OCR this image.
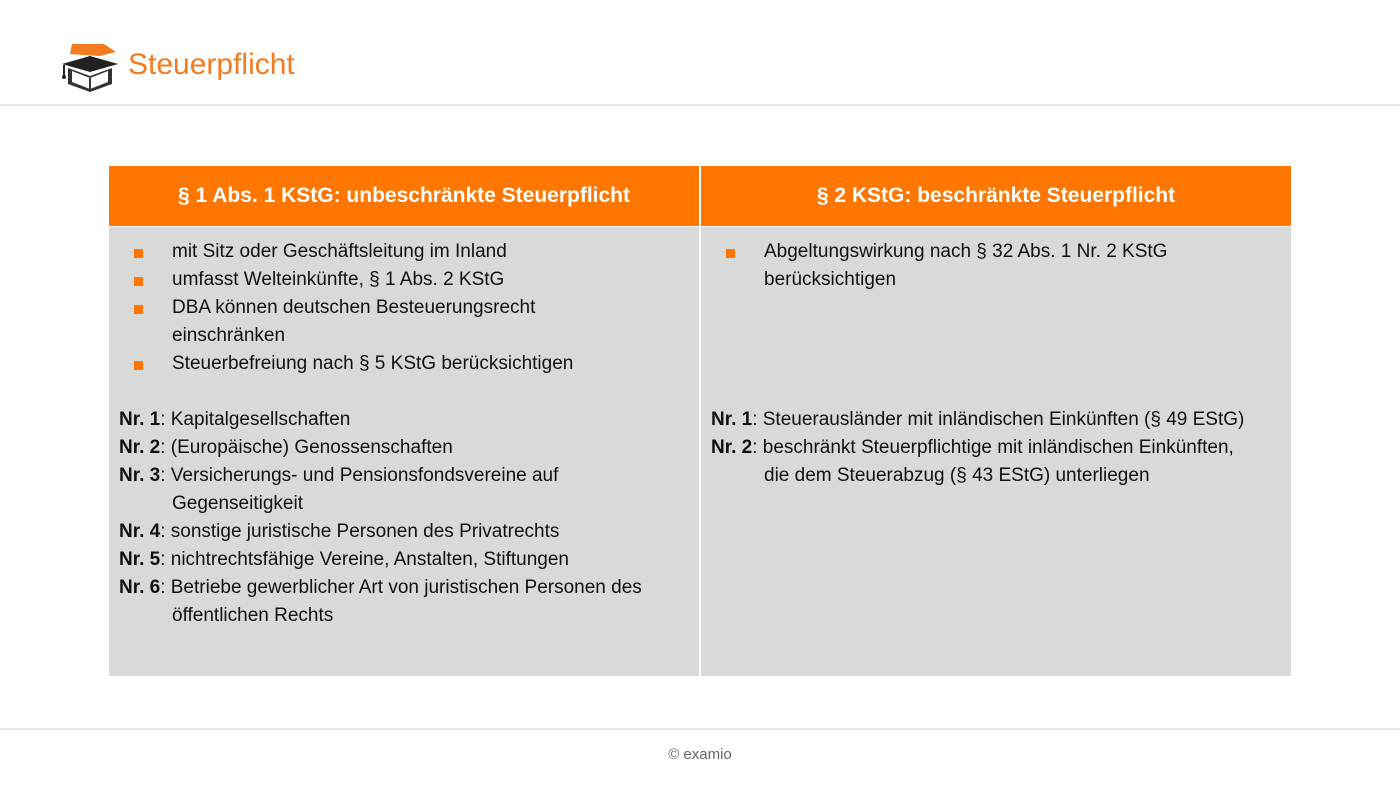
Steuerpflicht
§ 1 Abs. 1 KStG: unbeschränkte Steuerpflicht	§ 2 KStG: beschränkte Steuerpflicht
mit Sitz oder Geschäftsleitung im Inland
umfasst Welteinkünfte, § 1 Abs. 2 KStG
DBA können deutschen Besteuerungsrecht einschränken
Steuerbefreiung nach § 5 KStG berücksichtigen
Nr. 1: Kapitalgesellschaften
Nr. 2: (Europäische) Genossenschaften
Nr. 3: Versicherungs- und Pensionsfondsvereine auf Gegenseitigkeit
Nr. 4: sonstige juristische Personen des Privatrechts
Nr. 5: nichtrechtsfähige Vereine, Anstalten, Stiftungen
Nr. 6: Betriebe gewerblicher Art von juristischen Personen des öffentlichen Rechts
Abgeltungswirkung nach § 32 Abs. 1 Nr. 2 KStG berücksichtigen
Nr. 1: Steuerausländer mit inländischen Einkünften (§ 49 EStG)
Nr. 2: beschränkt Steuerpflichtige mit inländischen Einkünften, die dem Steuerabzug (§ 43 EStG) unterliegen
© examio
